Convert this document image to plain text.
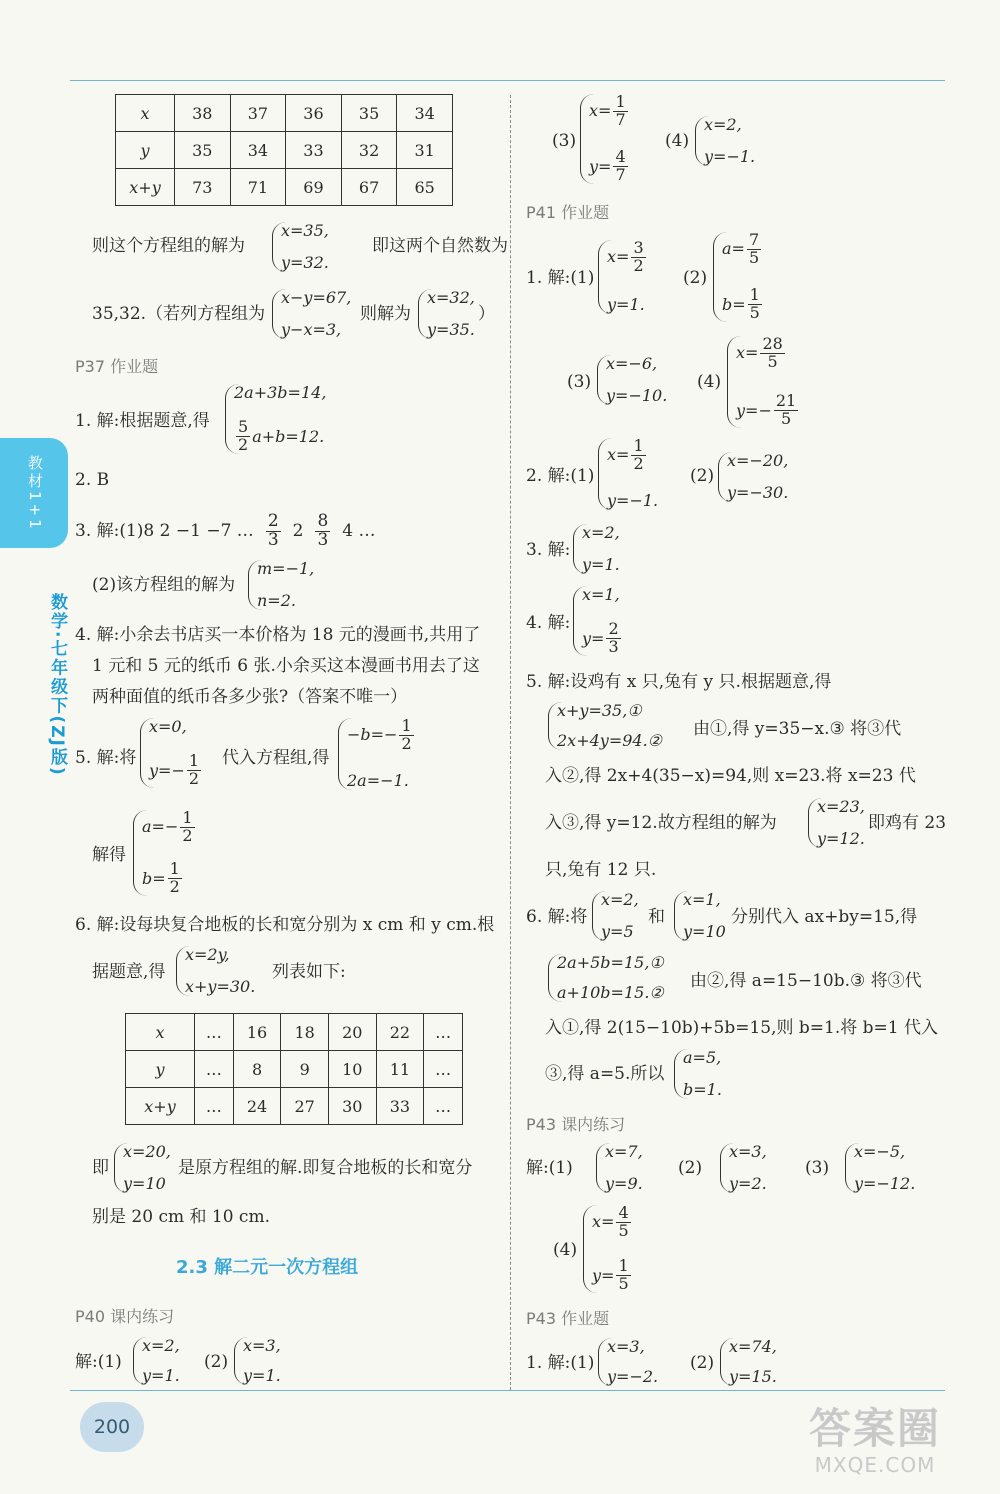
教材1+1
数学·七年级下(ZJ版)
x	38	37	36	35	34
y	35	34	33	32	31
x+y	73	71	69	67	65
则这个方程组的解为
x=35,
y=32.
即这两个自然数为
35,32.（若列方程组为
x−y=67,
y−x=3,
则解为
x=32,
y=35.
）
P37 作业题
1. 解:根据题意,得
2a+3b=14,
$\frac{5}{2} a+b=12$.
2. B
3. 解:(1)8 2 −1 −7 … $\frac{2}{3} 2 \frac{8}{3} 4$ …
(2)该方程组的解为
m=−1,
n=2.
4. 解:小余去书店买一本价格为 18 元的漫画书,共用了
1 元和 5 元的纸币 6 张.小余买这本漫画书用去了这
两种面值的纸币各多少张?（答案不唯一）
5. 解:将
x=0,
$y=- \frac{1}{2}$ 代入方程组,得
$-b=- \frac{1}{2}$
2a=−1.
解得
$a=- \frac{1}{2}$
$b= \frac{1}{2}$
6. 解:设每块复合地板的长和宽分别为 x cm 和 y cm.根
据题意,得
x=2y,
x+y=30.
列表如下:
x	…	16	18	20	22	…
y	…	8	9	10	11	…
x+y	…	24	27	30	33	…
即
x=20,
y=10
是原方程组的解.即复合地板的长和宽分
别是 20 cm 和 10 cm.
2.3 解二元一次方程组
P40 课内练习
解:(1)
x=2,
y=1.
(2)
x=3,
y=1.
(3)
$x= \frac{1}{7}$
$y= \frac{4}{7}$
(4)
x=2,
y=−1.
P41 作业题
1. 解:(1)
$x= \frac{3}{2}$
y=1.
(2)
$a= \frac{7}{5}$
$b= \frac{1}{5}$
(3)
x=−6,
y=−10.
(4)
$x= \frac{28}{5}$
$y=- \frac{21}{5}$
2. 解:(1)
$x= \frac{1}{2}$
y=−1.
(2)
x=−20,
y=−30.
3. 解:
x=2,
y=1.
4. 解:
x=1,
$y= \frac{2}{3}$
5. 解:设鸡有 x 只,兔有 y 只.根据题意,得
x+y=35,①
2x+4y=94.②
由①,得 y=35−x.③ 将③代
入②,得 2x+4(35−x)=94,则 x=23.将 x=23 代
入③,得 y=12.故方程组的解为
x=23,
y=12.
即鸡有 23
只,兔有 12 只.
6. 解:将
x=2,
y=5
和
x=1,
y=10
分别代入 ax+by=15,得
2a+5b=15,①
a+10b=15.②
由②,得 a=15−10b.③ 将③代
入①,得 2(15−10b)+5b=15,则 b=1.将 b=1 代入
③,得 a=5.所以
a=5,
b=1.
P43 课内练习
解:(1)
x=7,
y=9.
(2)
x=3,
y=2.
(3)
x=−5,
y=−12.
(4)
$x= \frac{4}{5}$
$y= \frac{1}{5}$
P43 作业题
1. 解:(1)
x=3,
y=−2.
(2)
x=74,
y=15.
200	答案圈
MXQE.COM
